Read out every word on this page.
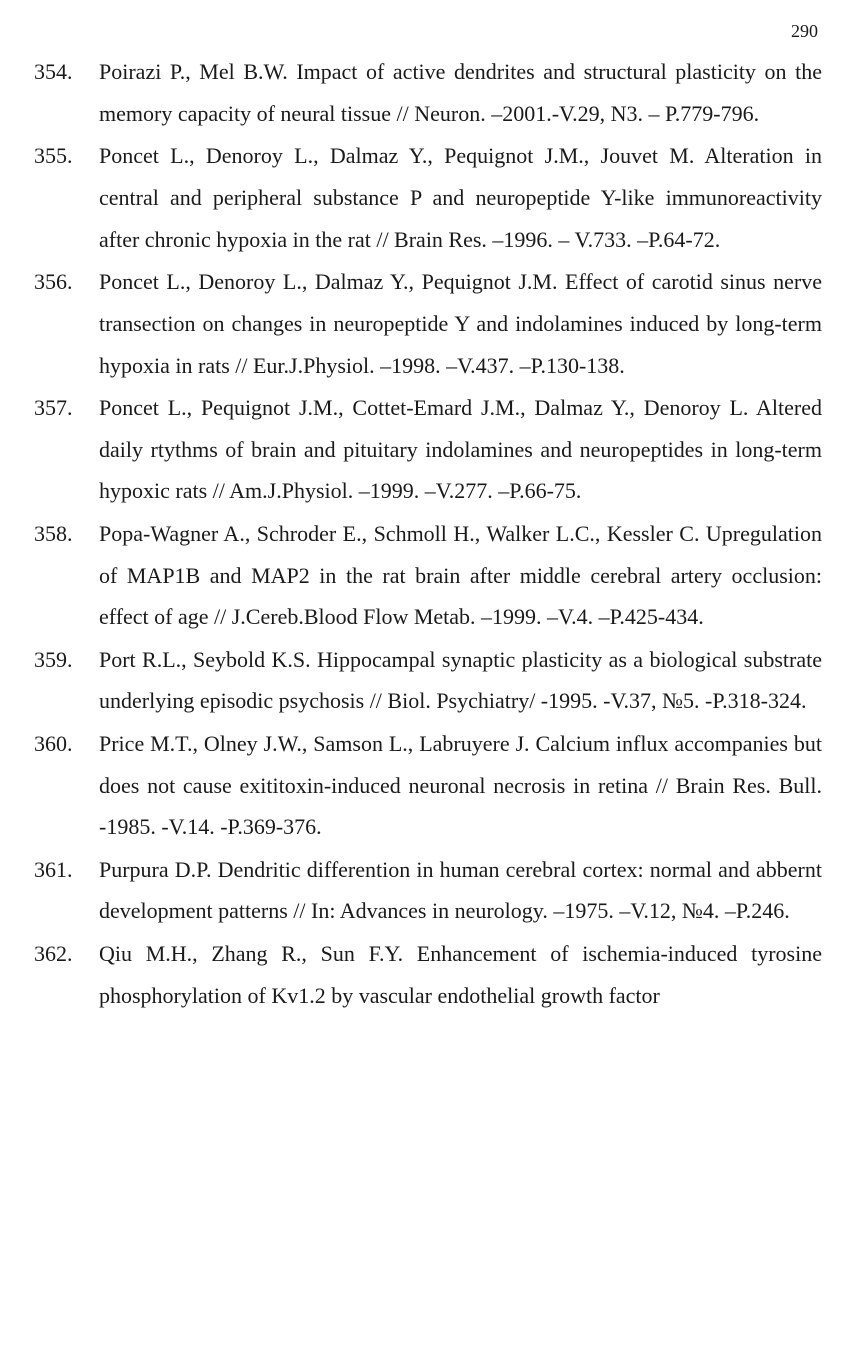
290
354. Poirazi P., Mel B.W. Impact of active dendrites and structural plasticity on the memory capacity of neural tissue // Neuron. –2001.-V.29, N3. – P.779-796.
355. Poncet L., Denoroy L., Dalmaz Y., Pequignot J.M., Jouvet M. Alteration in central and peripheral substance P and neuropeptide Y-like immunoreactivity after chronic hypoxia in the rat // Brain Res. –1996. – V.733. –P.64-72.
356. Poncet L., Denoroy L., Dalmaz Y., Pequignot J.M. Effect of carotid sinus nerve transection on changes in neuropeptide Y and indolamines induced by long-term hypoxia in rats // Eur.J.Physiol. –1998. –V.437. –P.130-138.
357. Poncet L., Pequignot J.M., Cottet-Emard J.M., Dalmaz Y., Denoroy L. Altered daily rtythms of brain and pituitary indolamines and neuropeptides in long-term hypoxic rats // Am.J.Physiol. –1999. –V.277. –P.66-75.
358. Popa-Wagner A., Schroder E., Schmoll H., Walker L.C., Kessler C. Upregulation of MAP1B and MAP2 in the rat brain after middle cerebral artery occlusion: effect of age // J.Cereb.Blood Flow Metab. –1999. –V.4. –P.425-434.
359. Port R.L., Seybold K.S. Hippocampal synaptic plasticity as a biological substrate underlying episodic psychosis // Biol. Psychiatry/ -1995. -V.37, №5. -P.318-324.
360. Price M.T., Olney J.W., Samson L., Labruyere J. Calcium influx accompanies but does not cause exititoxin-induced neuronal necrosis in retina // Brain Res. Bull. -1985. -V.14. -P.369-376.
361. Purpura D.P. Dendritic differention in human cerebral cortex: normal and abbernt development patterns // In: Advances in neurology. –1975. –V.12, №4. –P.246.
362. Qiu M.H., Zhang R., Sun F.Y. Enhancement of ischemia-induced tyrosine phosphorylation of Kv1.2 by vascular endothelial growth factor
